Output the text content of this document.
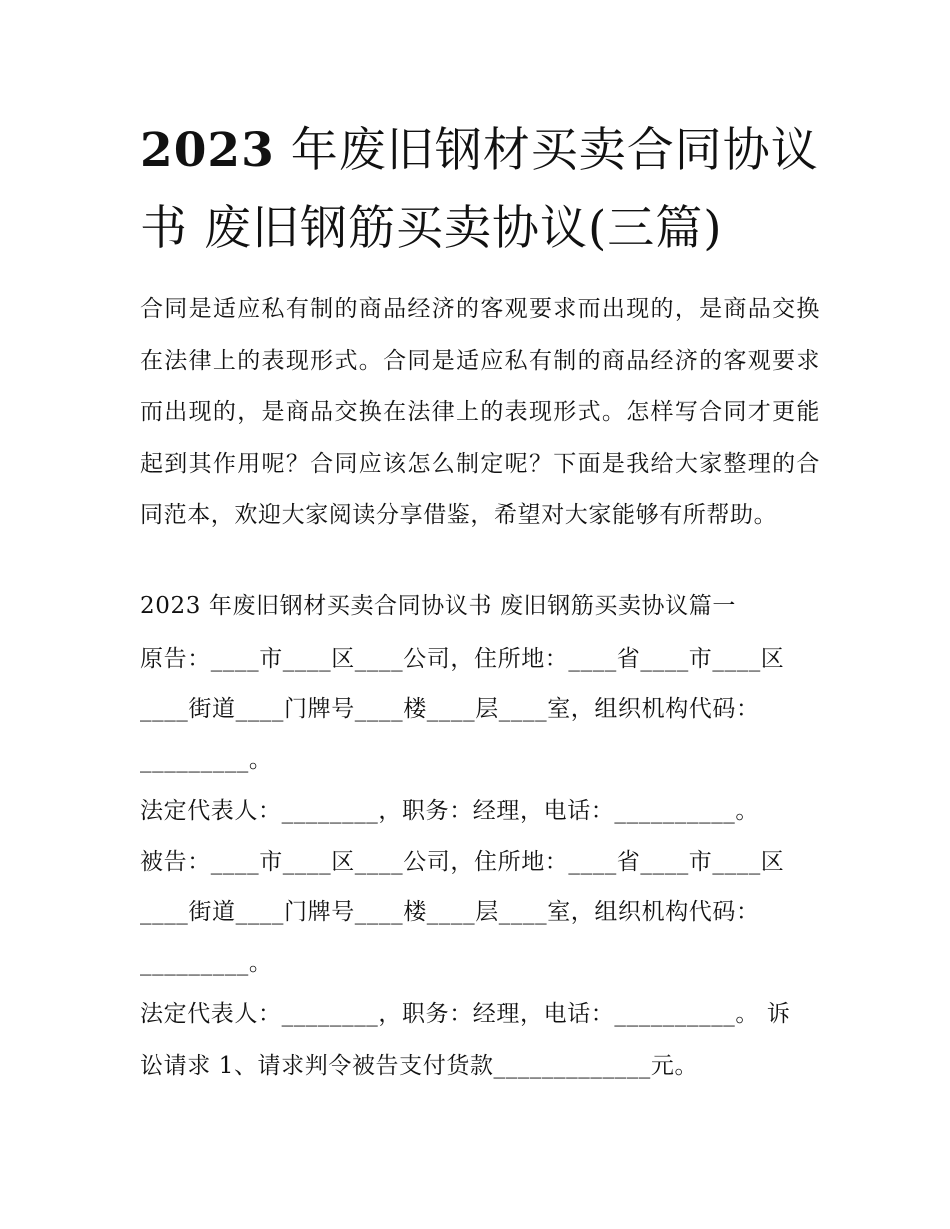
2023 年废旧钢材买卖合同协议书 废旧钢筋买卖协议(三篇)
合同是适应私有制的商品经济的客观要求而出现的，是商品交换在法律上的表现形式。合同是适应私有制的商品经济的客观要求而出现的，是商品交换在法律上的表现形式。怎样写合同才更能起到其作用呢？合同应该怎么制定呢？下面是我给大家整理的合同范本，欢迎大家阅读分享借鉴，希望对大家能够有所帮助。
2023 年废旧钢材买卖合同协议书 废旧钢筋买卖协议篇一
原告：____市____区____公司，住所地：____省____市____区
____街道____门牌号____楼____层____室，组织机构代码：
_________。
法定代表人：________，职务：经理，电话：__________。
被告：____市____区____公司，住所地：____省____市____区
____街道____门牌号____楼____层____室，组织机构代码：
_________。
法定代表人：________，职务：经理，电话：__________。 诉
讼请求 1、请求判令被告支付货款_____________元。
